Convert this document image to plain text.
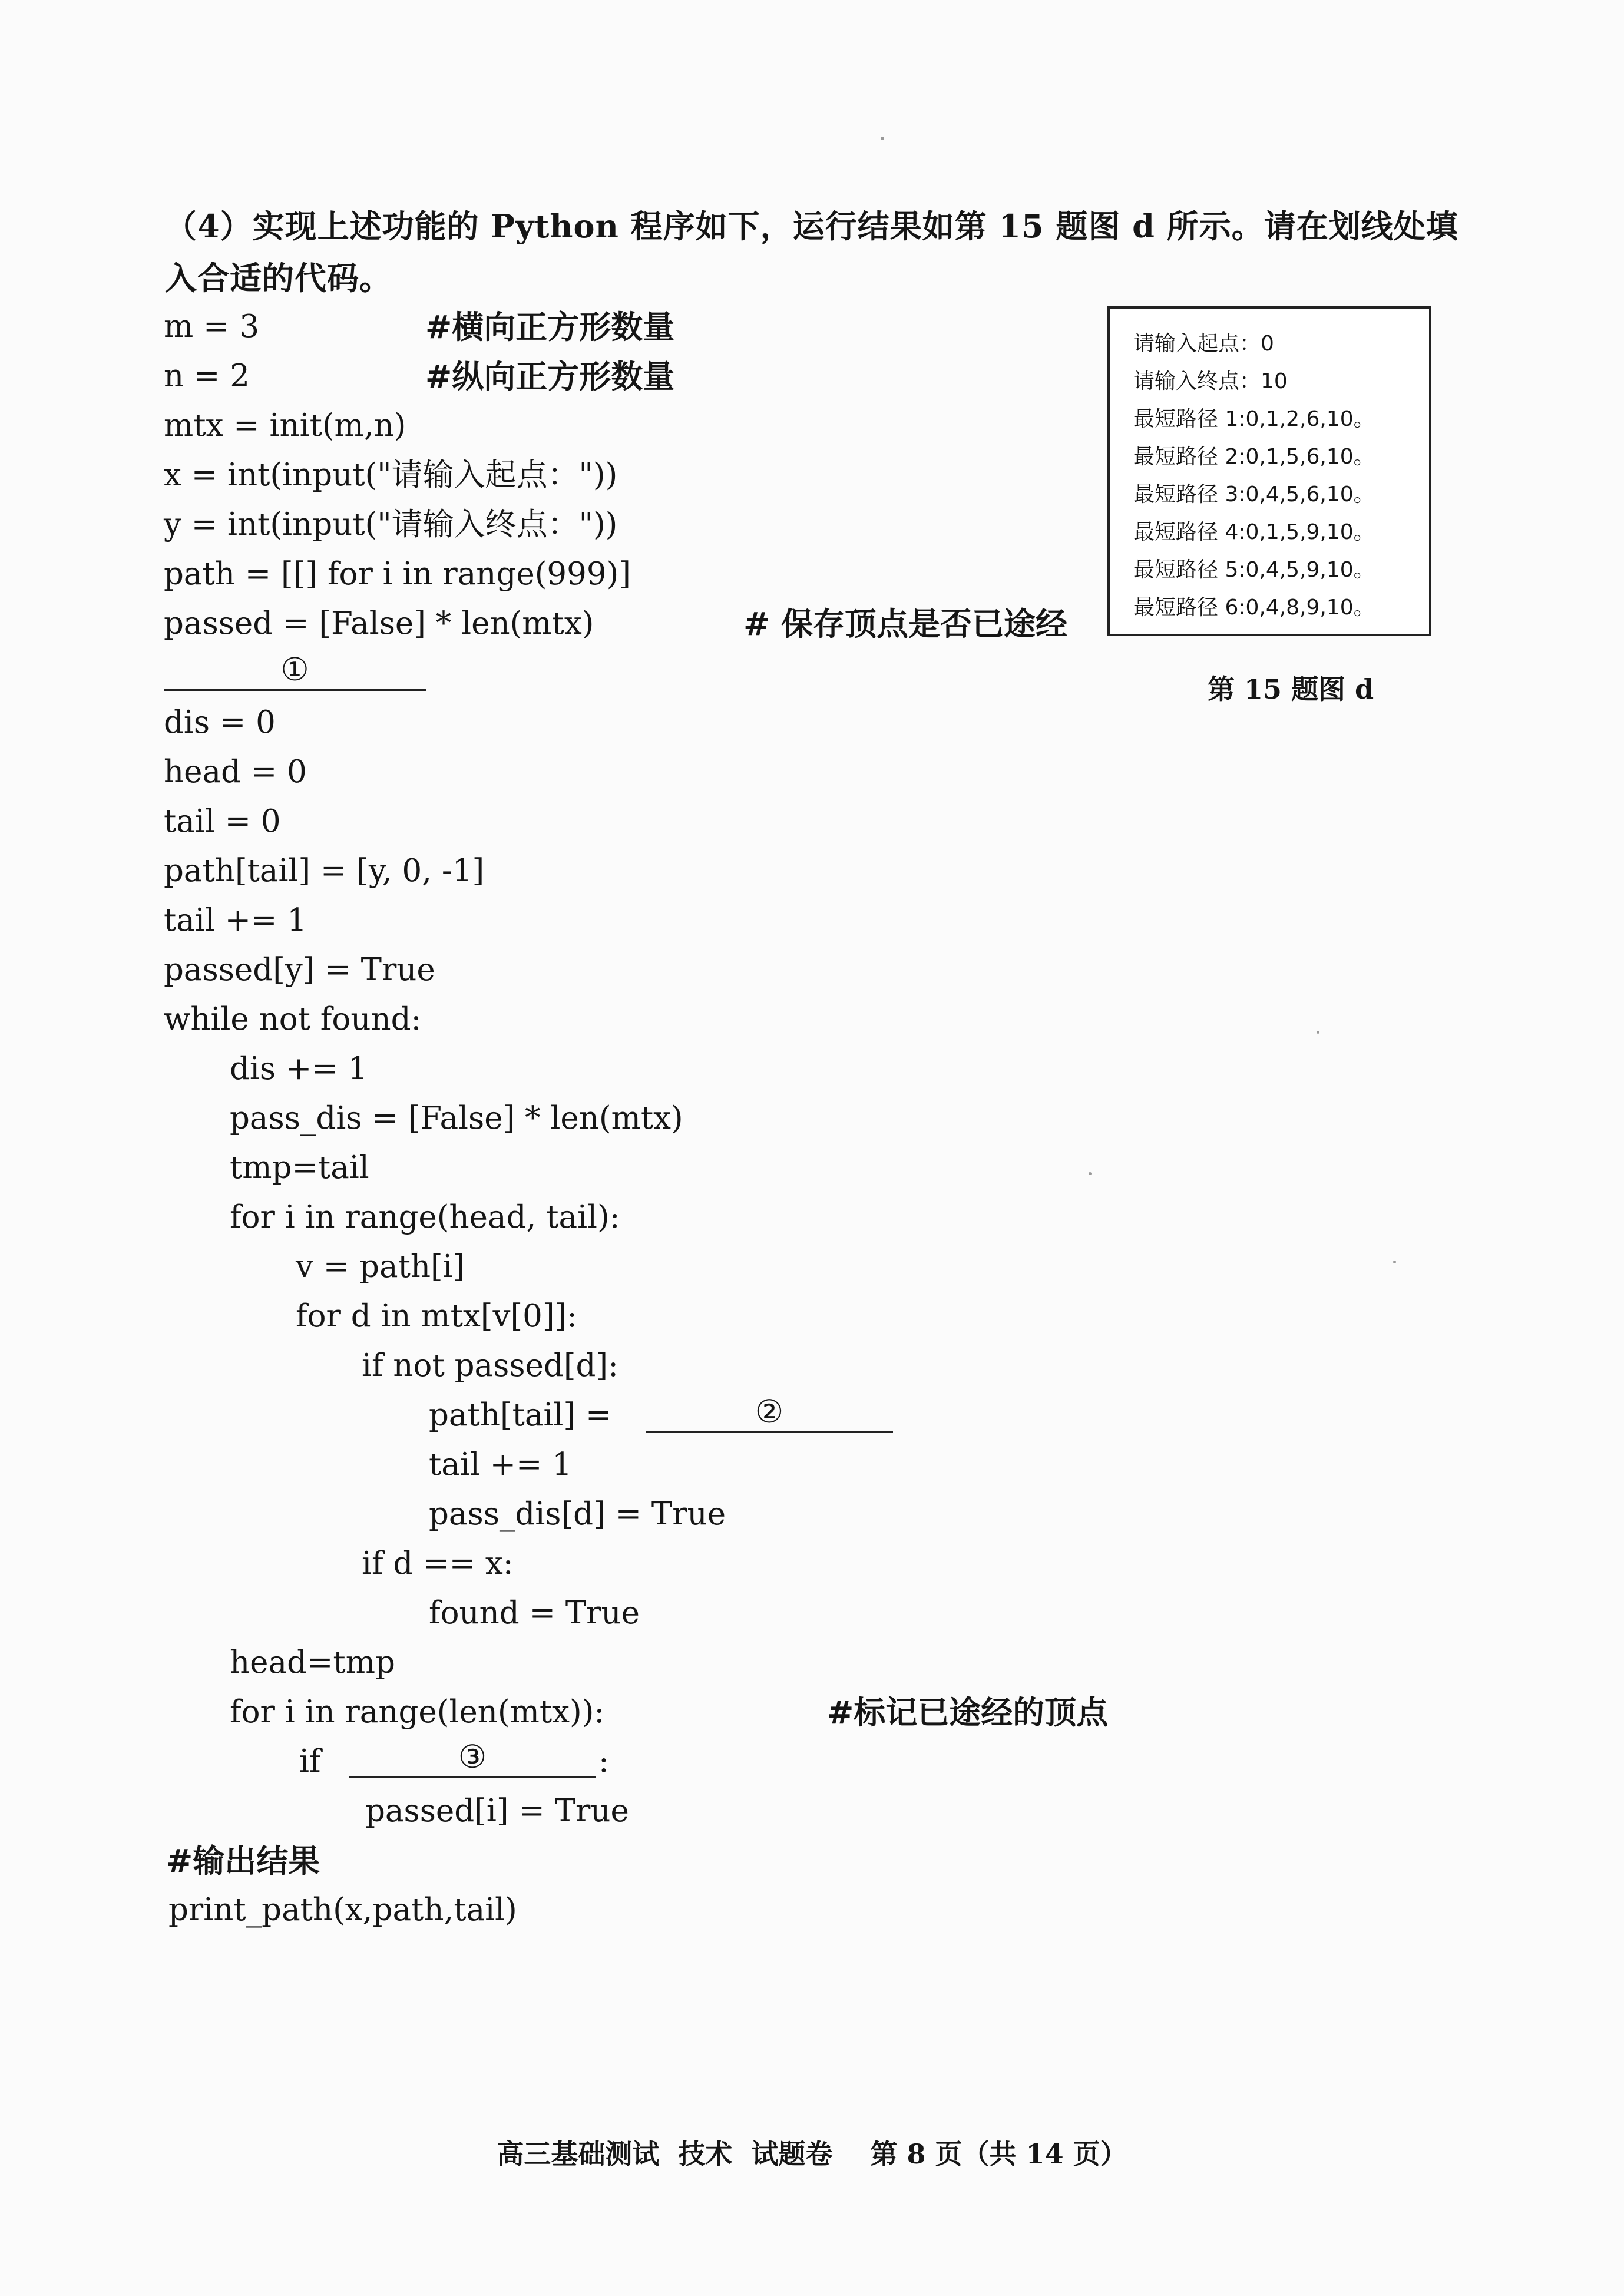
（4）实现上述功能的 Python 程序如下，运行结果如第 15 题图 d 所示。请在划线处填入合适的代码。
m = 3	#横向正方形数量
n = 2	#纵向正方形数量
mtx = init(m,n)
x = int(input("请输入起点："))
y = int(input("请输入终点："))
path = [[] for i in range(999)]
passed = [False] * len(mtx)	# 保存顶点是否已途经
①
dis = 0
head = 0
tail = 0
path[tail] = [y, 0, -1]
tail += 1
passed[y] = True
while not found:
dis += 1
pass_dis = [False] * len(mtx)
tmp=tail
for i in range(head, tail):
v = path[i]
for d in mtx[v[0]]:
if not passed[d]:
path[tail] =	②
tail += 1
pass_dis[d] = True
if d == x:
found = True
head=tmp
for i in range(len(mtx)):	#标记已途经的顶点
if	③	:
passed[i] = True
#输出结果
print_path(x,path,tail)
请输入起点：0
请输入终点：10
最短路径 1:0,1,2,6,10。
最短路径 2:0,1,5,6,10。
最短路径 3:0,4,5,6,10。
最短路径 4:0,1,5,9,10。
最短路径 5:0,4,5,9,10。
最短路径 6:0,4,8,9,10。
第 15 题图 d
高三基础测试  技术  试题卷    第 8 页（共 14 页）
